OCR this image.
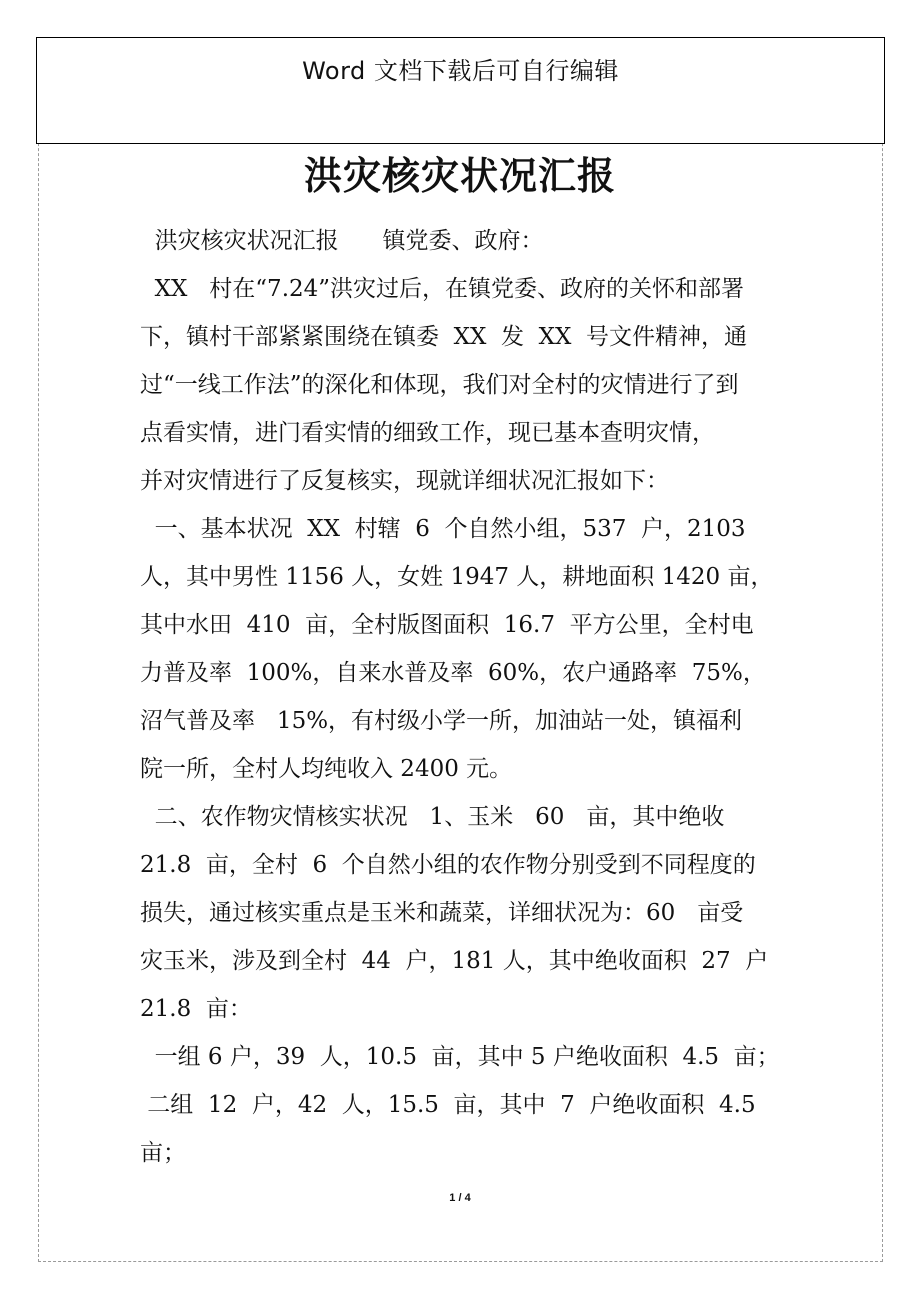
Word 文档下载后可自行编辑
洪灾核灾状况汇报
洪灾核灾状况汇报      镇党委、政府：
XX   村在“7.24”洪灾过后，在镇党委、政府的关怀和部署
下，镇村干部紧紧围绕在镇委  XX  发  XX  号文件精神，通
过“一线工作法”的深化和体现，我们对全村的灾情进行了到
点看实情，进门看实情的细致工作，现已基本查明灾情，
并对灾情进行了反复核实，现就详细状况汇报如下：
一、基本状况  XX  村辖  6  个自然小组，537  户，2103
人，其中男性 1156 人，女姓 1947 人，耕地面积 1420 亩，
其中水田  410  亩，全村版图面积  16.7  平方公里，全村电
力普及率  100%，自来水普及率  60%，农户通路率  75%，
沼气普及率   15%，有村级小学一所，加油站一处，镇福利
院一所，全村人均纯收入 2400 元。
二、农作物灾情核实状况   1、玉米   60   亩，其中绝收
21.8  亩，全村  6  个自然小组的农作物分别受到不同程度的
损失，通过核实重点是玉米和蔬菜，详细状况为：60   亩受
灾玉米，涉及到全村  44  户，181 人，其中绝收面积  27  户
21.8  亩：
一组 6 户，39  人，10.5  亩，其中 5 户绝收面积  4.5  亩；
二组  12  户，42  人，15.5  亩，其中  7  户绝收面积  4.5
亩；
1 / 4
